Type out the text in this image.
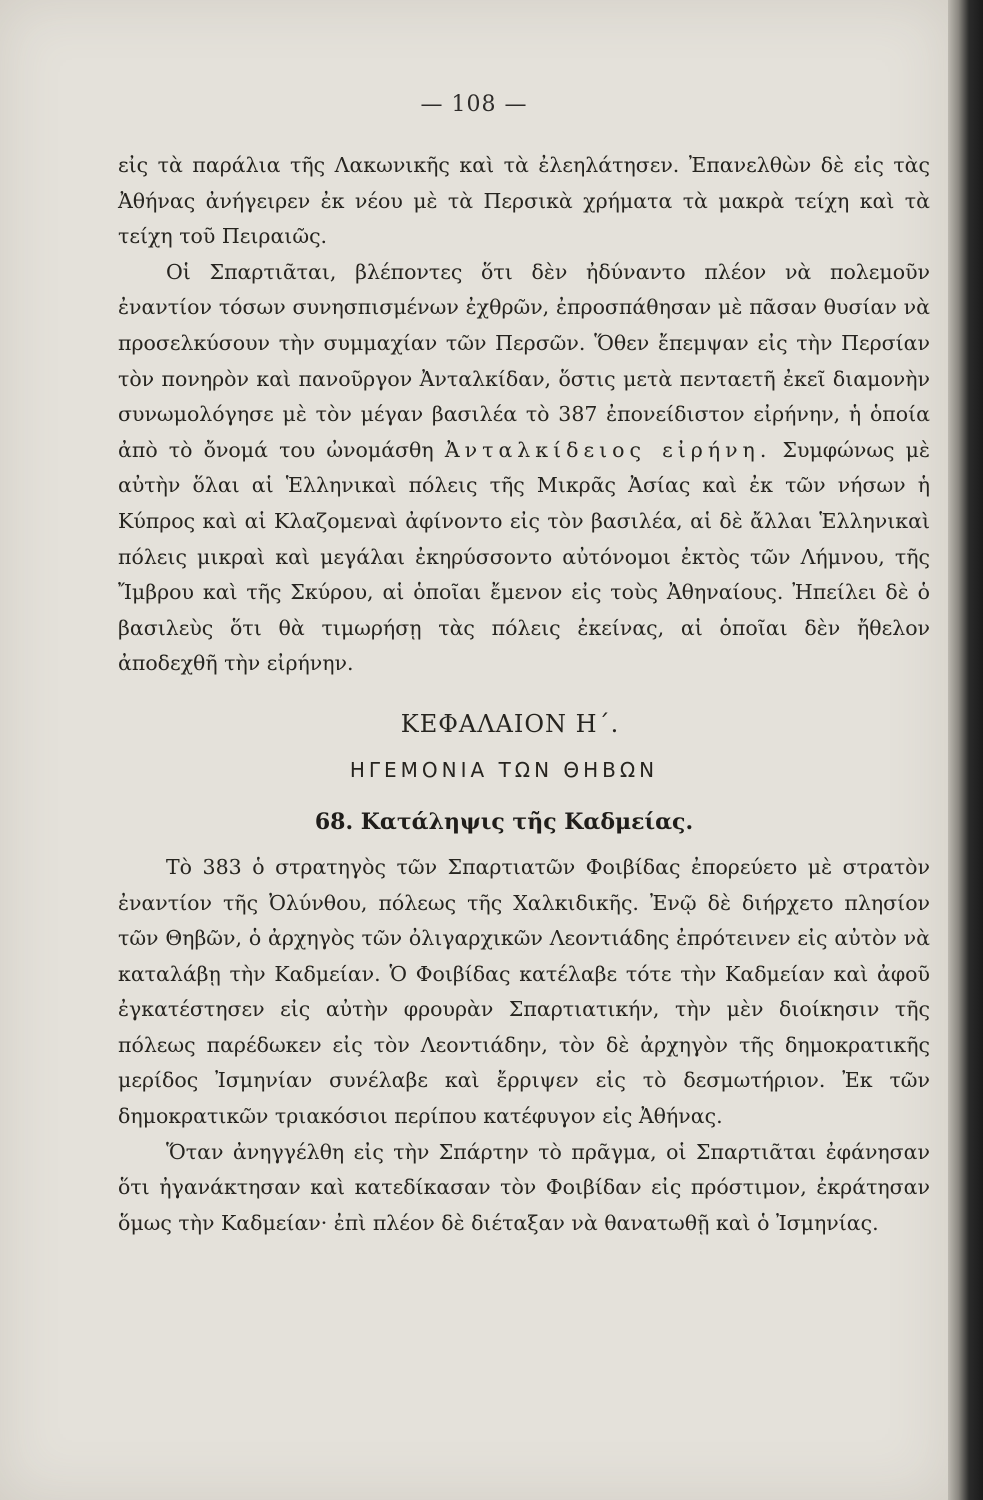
— 108 —

εἰς τὰ παράλια τῆς Λακωνικῆς καὶ τὰ ἐλεηλάτησεν. Ἐπανελθὼν δὲ εἰς τὰς Ἀθήνας ἀνήγειρεν ἐκ νέου μὲ τὰ Περσικὰ χρήματα τὰ μακρὰ τείχη καὶ τὰ τείχη τοῦ Πειραιῶς.

Οἱ Σπαρτιᾶται, βλέποντες ὅτι δὲν ἠδύναντο πλέον νὰ πολεμοῦν ἐναντίον τόσων συνησπισμένων ἐχθρῶν, ἐπροσπάθησαν μὲ πᾶσαν θυσίαν νὰ προσελκύσουν τὴν συμμαχίαν τῶν Περσῶν. Ὅθεν ἔπεμψαν εἰς τὴν Περσίαν τὸν πονηρὸν καὶ πανοῦργον Ἀνταλκίδαν, ὅστις μετὰ πενταετῆ ἐκεῖ διαμονὴν συνωμολόγησε μὲ τὸν μέγαν βασιλέα τὸ 387 ἐπονείδιστον εἰρήνην, ἡ ὁποία ἀπὸ τὸ ὄνομά του ὠνομάσθη Ἀνταλκίδειος εἰρήνη. Συμφώνως μὲ αὐτὴν ὅλαι αἱ Ἑλληνικαὶ πόλεις τῆς Μικρᾶς Ἀσίας καὶ ἐκ τῶν νήσων ἡ Κύπρος καὶ αἱ Κλαζομεναὶ ἀφίνοντο εἰς τὸν βασιλέα, αἱ δὲ ἄλλαι Ἑλληνικαὶ πόλεις μικραὶ καὶ μεγάλαι ἐκηρύσσοντο αὐτόνομοι ἐκτὸς τῶν Λήμνου, τῆς Ἴμβρου καὶ τῆς Σκύρου, αἱ ὁποῖαι ἔμενον εἰς τοὺς Ἀθηναίους. Ἠπείλει δὲ ὁ βασιλεὺς ὅτι θὰ τιμωρήσῃ τὰς πόλεις ἐκείνας, αἱ ὁποῖαι δὲν ἤθελον ἀποδεχθῆ τὴν εἰρήνην.

ΚΕΦΑΛΑΙΟΝ Η΄.
ΗΓΕΜΟΝΙΑ ΤΩΝ ΘΗΒΩΝ
68. Κατάληψις τῆς Καδμείας.

Τὸ 383 ὁ στρατηγὸς τῶν Σπαρτιατῶν Φοιβίδας ἐπορεύετο μὲ στρατὸν ἐναντίον τῆς Ὀλύνθου, πόλεως τῆς Χαλκιδικῆς. Ἐνῷ δὲ διήρχετο πλησίον τῶν Θηβῶν, ὁ ἀρχηγὸς τῶν ὀλιγαρχικῶν Λεοντιάδης ἐπρότεινεν εἰς αὐτὸν νὰ καταλάβῃ τὴν Καδμείαν. Ὁ Φοιβίδας κατέλαβε τότε τὴν Καδμείαν καὶ ἀφοῦ ἐγκατέστησεν εἰς αὐτὴν φρουρὰν Σπαρτιατικήν, τὴν μὲν διοίκησιν τῆς πόλεως παρέδωκεν εἰς τὸν Λεοντιάδην, τὸν δὲ ἀρχηγὸν τῆς δημοκρατικῆς μερίδος Ἰσμηνίαν συνέλαβε καὶ ἔρριψεν εἰς τὸ δεσμωτήριον. Ἐκ τῶν δημοκρατικῶν τριακόσιοι περίπου κατέφυγον εἰς Ἀθήνας.

Ὅταν ἀνηγγέλθη εἰς τὴν Σπάρτην τὸ πρᾶγμα, οἱ Σπαρτιᾶται ἐφάνησαν ὅτι ἠγανάκτησαν καὶ κατεδίκασαν τὸν Φοιβίδαν εἰς πρόστιμον, ἐκράτησαν ὅμως τὴν Καδμείαν· ἐπὶ πλέον δὲ διέταξαν νὰ θανατωθῇ καὶ ὁ Ἰσμηνίας.
